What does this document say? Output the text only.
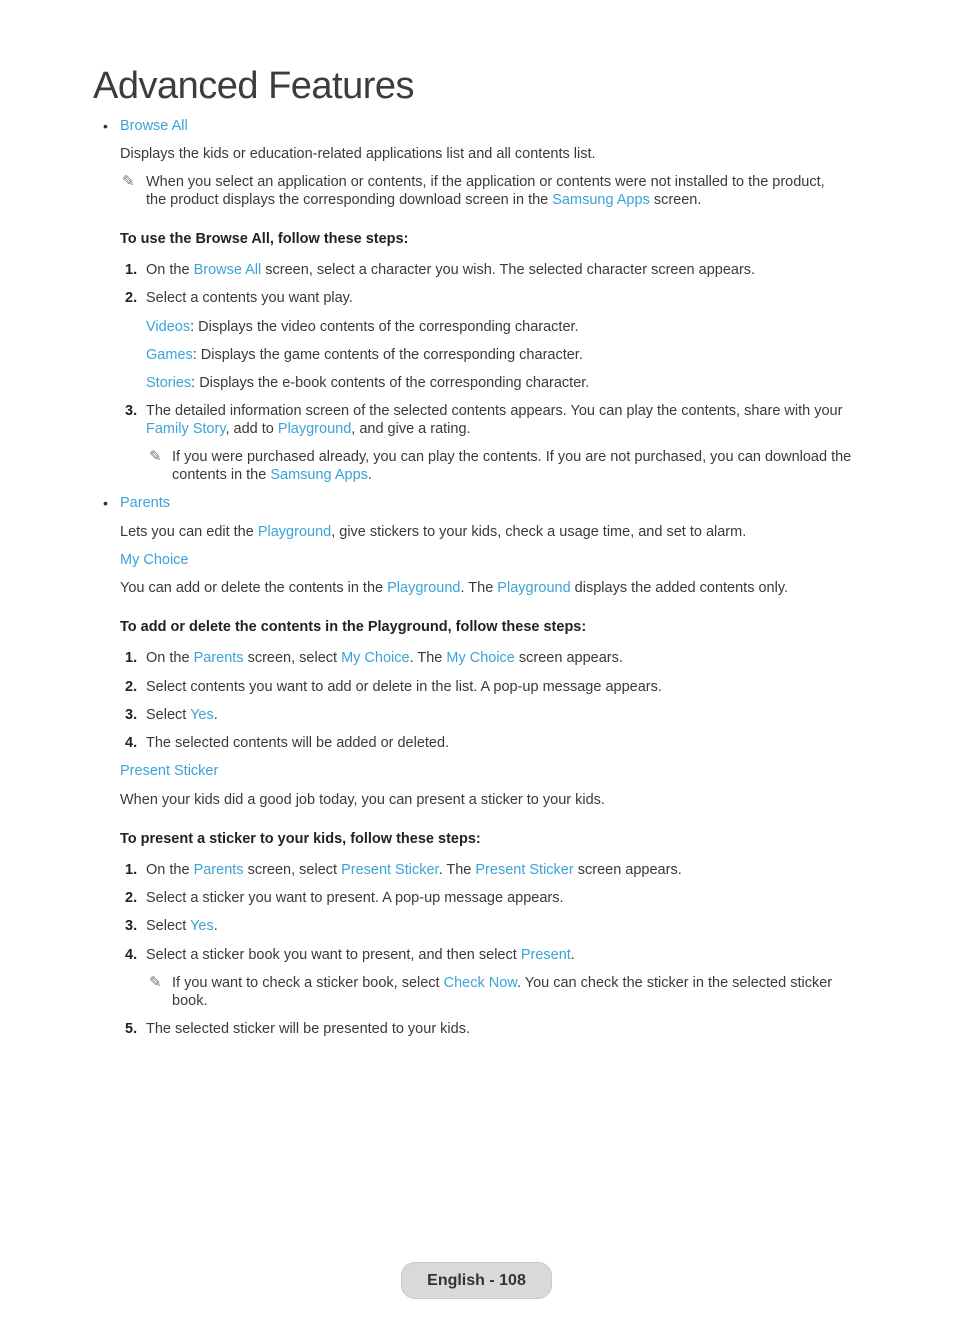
Advanced Features
• Browse All
Displays the kids or education-related applications list and all contents list.
✎ When you select an application or contents, if the application or contents were not installed to the product,
the product displays the corresponding download screen in the Samsung Apps screen.
To use the Browse All, follow these steps:
1. On the Browse All screen, select a character you wish. The selected character screen appears.
2. Select a contents you want play.
Videos: Displays the video contents of the corresponding character.
Games: Displays the game contents of the corresponding character.
Stories: Displays the e-book contents of the corresponding character.
3. The detailed information screen of the selected contents appears. You can play the contents, share with your
Family Story, add to Playground, and give a rating.
✎ If you were purchased already, you can play the contents. If you are not purchased, you can download the
contents in the Samsung Apps.
• Parents
Lets you can edit the Playground, give stickers to your kids, check a usage time, and set to alarm.
My Choice
You can add or delete the contents in the Playground. The Playground displays the added contents only.
To add or delete the contents in the Playground, follow these steps:
1. On the Parents screen, select My Choice. The My Choice screen appears.
2. Select contents you want to add or delete in the list. A pop-up message appears.
3. Select Yes.
4. The selected contents will be added or deleted.
Present Sticker
When your kids did a good job today, you can present a sticker to your kids.
To present a sticker to your kids, follow these steps:
1. On the Parents screen, select Present Sticker. The Present Sticker screen appears.
2. Select a sticker you want to present. A pop-up message appears.
3. Select Yes.
4. Select a sticker book you want to present, and then select Present.
✎ If you want to check a sticker book, select Check Now. You can check the sticker in the selected sticker
book.
5. The selected sticker will be presented to your kids.
English - 108
